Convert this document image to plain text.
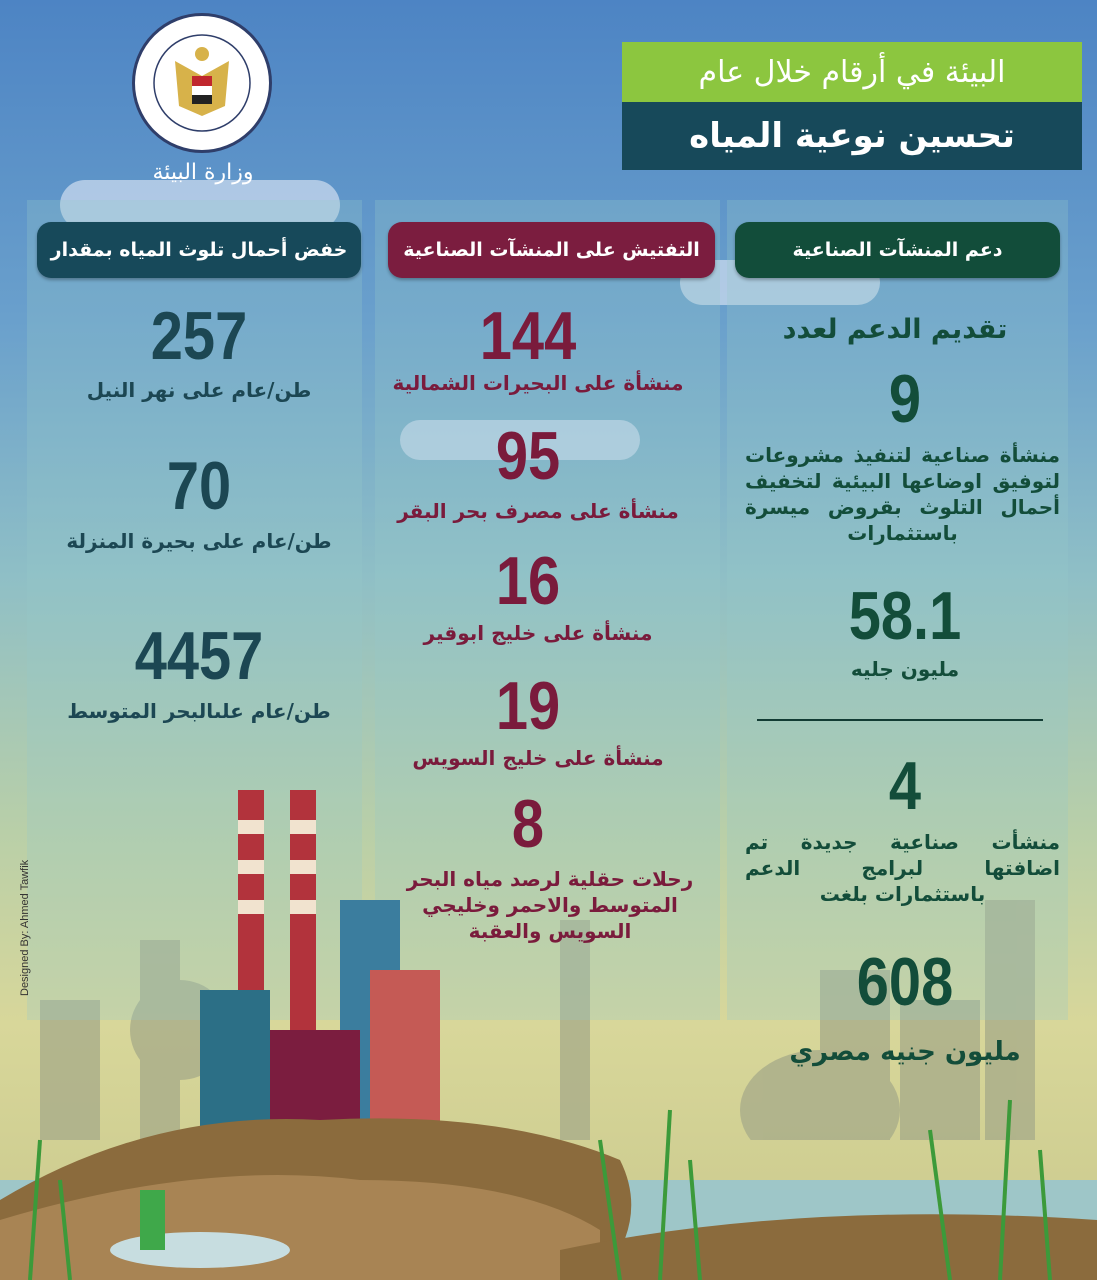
وزارة البيئة
البيئة في أرقام خلال عام
تحسين نوعية المياه
خفض أحمال تلوث المياه بمقدار	التفتيش على المنشآت الصناعية	دعم المنشآت الصناعية
257
طن/عام على نهر النيل
70
طن/عام على بحيرة المنزلة
4457
طن/عام علىالبحر المتوسط
144
منشأة على البحيرات الشمالية
95
منشأة على مصرف بحر البقر
16
منشأة على خليج ابوقير
19
منشأة على خليج السويس
8
رحلات حقلية لرصد مياه البحر المتوسط والاحمر وخليجي السويس والعقبة
تقديم الدعم لعدد
9
منشأة صناعية لتنفيذ مشروعات لتوفيق اوضاعها البيئية لتخفيف أحمال التلوث بقروض ميسرة باستثمارات
58.1
مليون جليه
4
منشأت صناعية جديدة تم اضافتها لبرامج الدعم باستثمارات بلغت
608
مليون جنيه مصري
Designed By: Ahmed Tawfik
